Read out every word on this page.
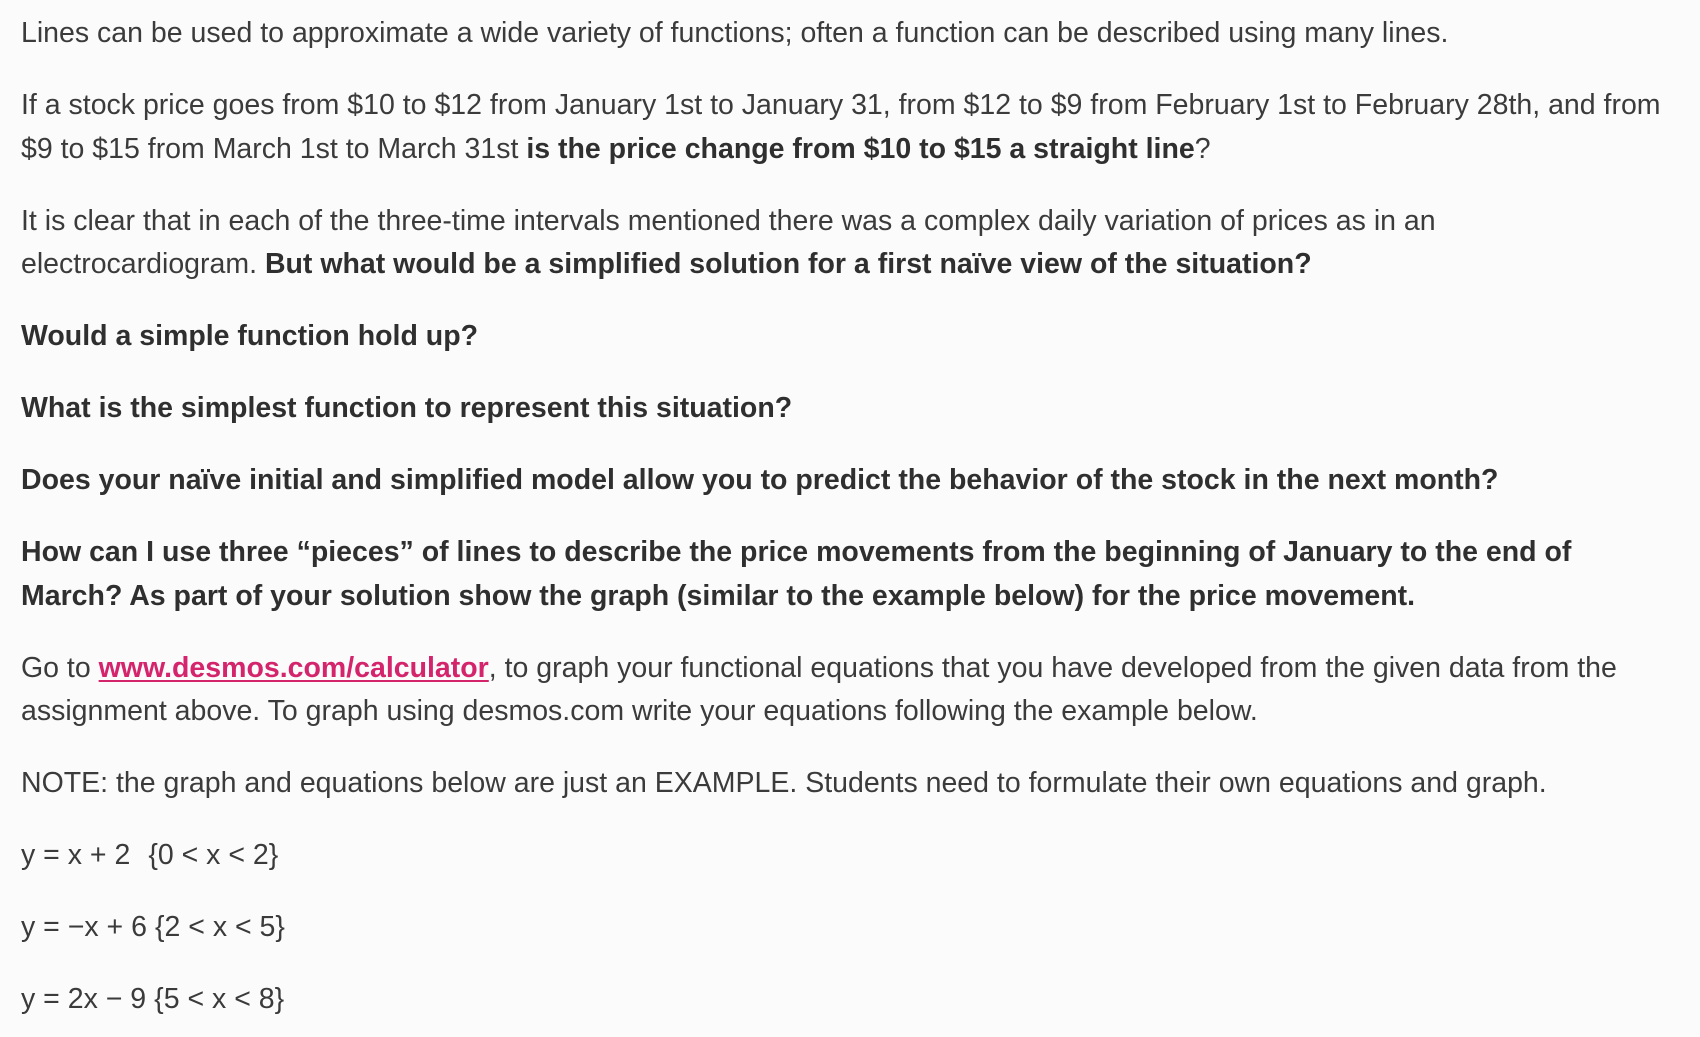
Lines can be used to approximate a wide variety of functions; often a function can be described using many lines.

If a stock price goes from $10 to $12 from January 1st to January 31, from $12 to $9 from February 1st to February 28th, and from
$9 to $15 from March 1st to March 31st is the price change from $10 to $15 a straight line?

It is clear that in each of the three-time intervals mentioned there was a complex daily variation of prices as in an
electrocardiogram. But what would be a simplified solution for a first naïve view of the situation?

Would a simple function hold up?

What is the simplest function to represent this situation?

Does your naïve initial and simplified model allow you to predict the behavior of the stock in the next month?

How can I use three “pieces” of lines to describe the price movements from the beginning of January to the end of
March? As part of your solution show the graph (similar to the example below) for the price movement.

Go to www.desmos.com/calculator, to graph your functional equations that you have developed from the given data from the
assignment above. To graph using desmos.com write your equations following the example below.

NOTE: the graph and equations below are just an EXAMPLE. Students need to formulate their own equations and graph.

y = x + 2 {0 < x < 2}

y = −x + 6 {2 < x < 5}

y = 2x − 9 {5 < x < 8}
